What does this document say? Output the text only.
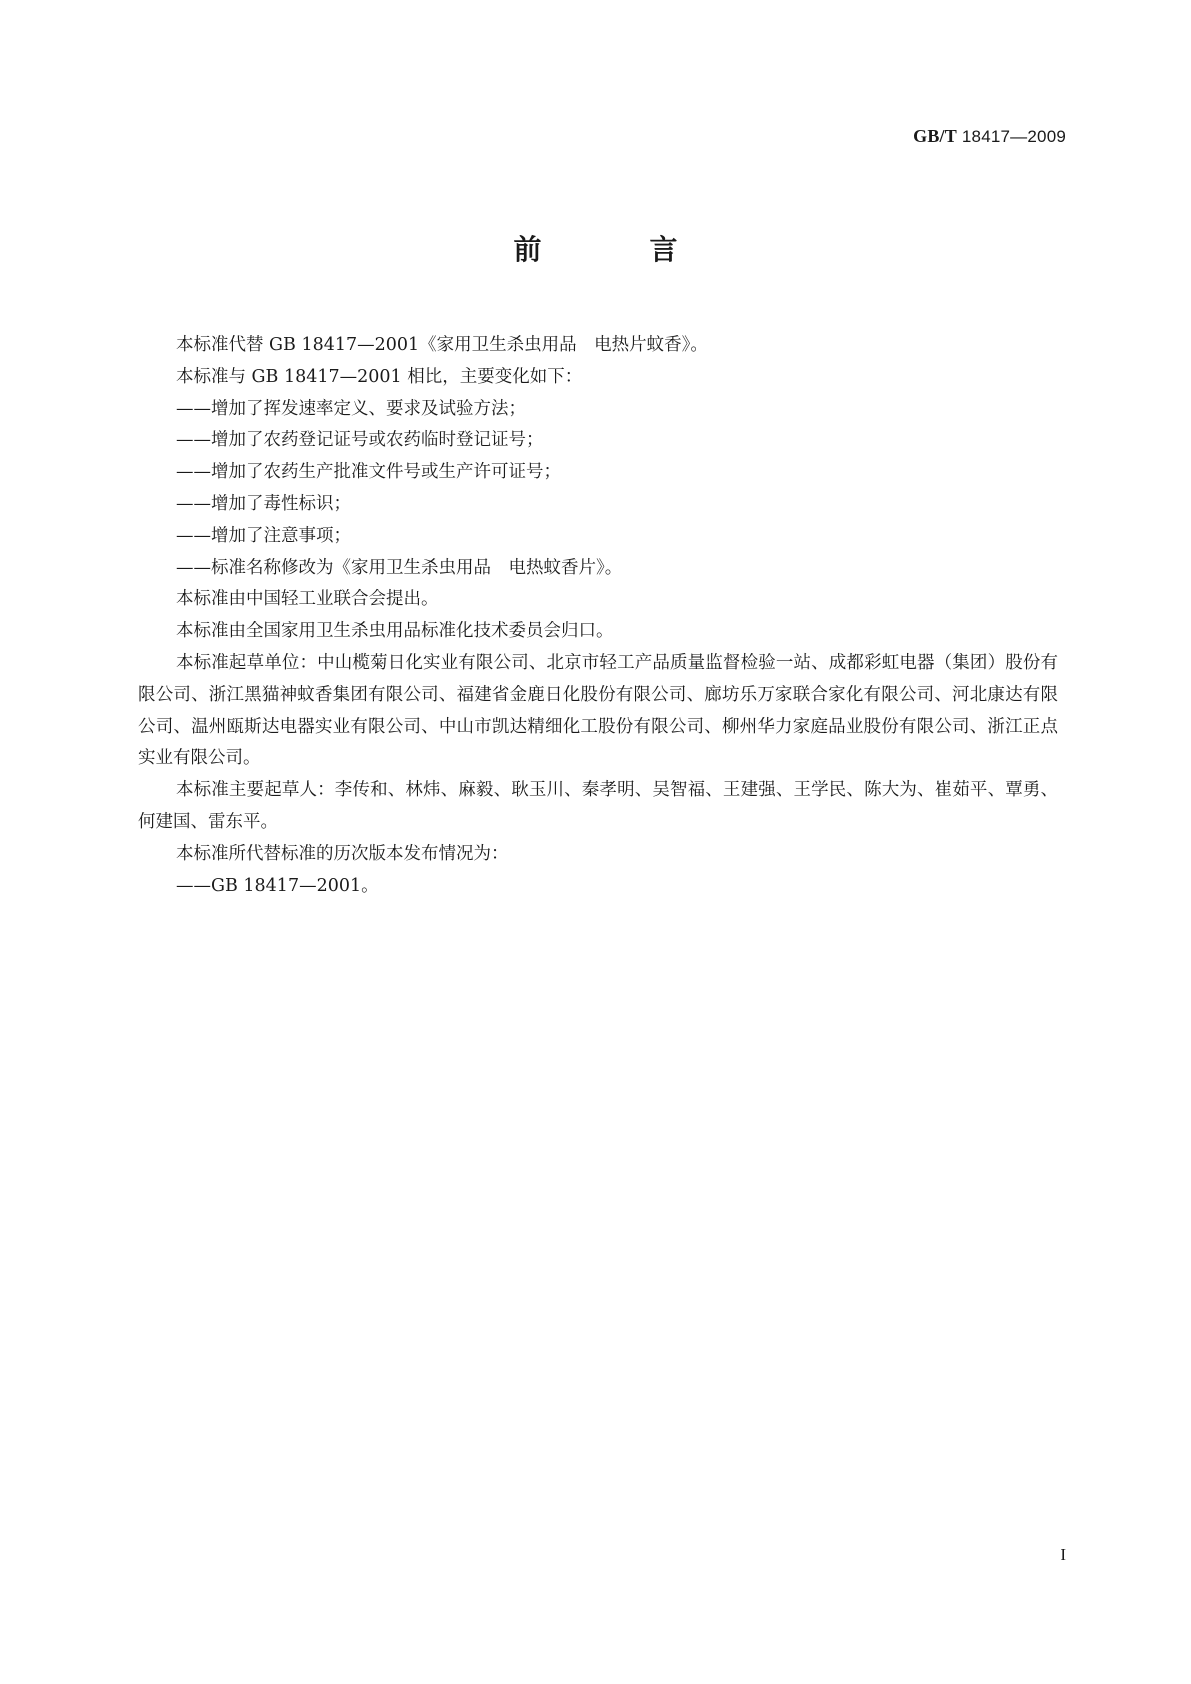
GB/T 18417—2009
前　言

本标准代替 GB 18417—2001《家用卫生杀虫用品　电热片蚊香》。

本标准与 GB 18417—2001 相比，主要变化如下：

——增加了挥发速率定义、要求及试验方法；

——增加了农药登记证号或农药临时登记证号；

——增加了农药生产批准文件号或生产许可证号；

——增加了毒性标识；

——增加了注意事项；

——标准名称修改为《家用卫生杀虫用品　电热蚊香片》。

本标准由中国轻工业联合会提出。

本标准由全国家用卫生杀虫用品标准化技术委员会归口。

本标准起草单位：中山榄菊日化实业有限公司、北京市轻工产品质量监督检验一站、成都彩虹电器（集团）股份有限公司、浙江黑猫神蚊香集团有限公司、福建省金鹿日化股份有限公司、廊坊乐万家联合家化有限公司、河北康达有限公司、温州瓯斯达电器实业有限公司、中山市凯达精细化工股份有限公司、柳州华力家庭品业股份有限公司、浙江正点实业有限公司。

本标准主要起草人：李传和、林炜、麻毅、耿玉川、秦孝明、吴智福、王建强、王学民、陈大为、崔茹平、覃勇、何建国、雷东平。

本标准所代替标准的历次版本发布情况为：

——GB 18417—2001。

I
